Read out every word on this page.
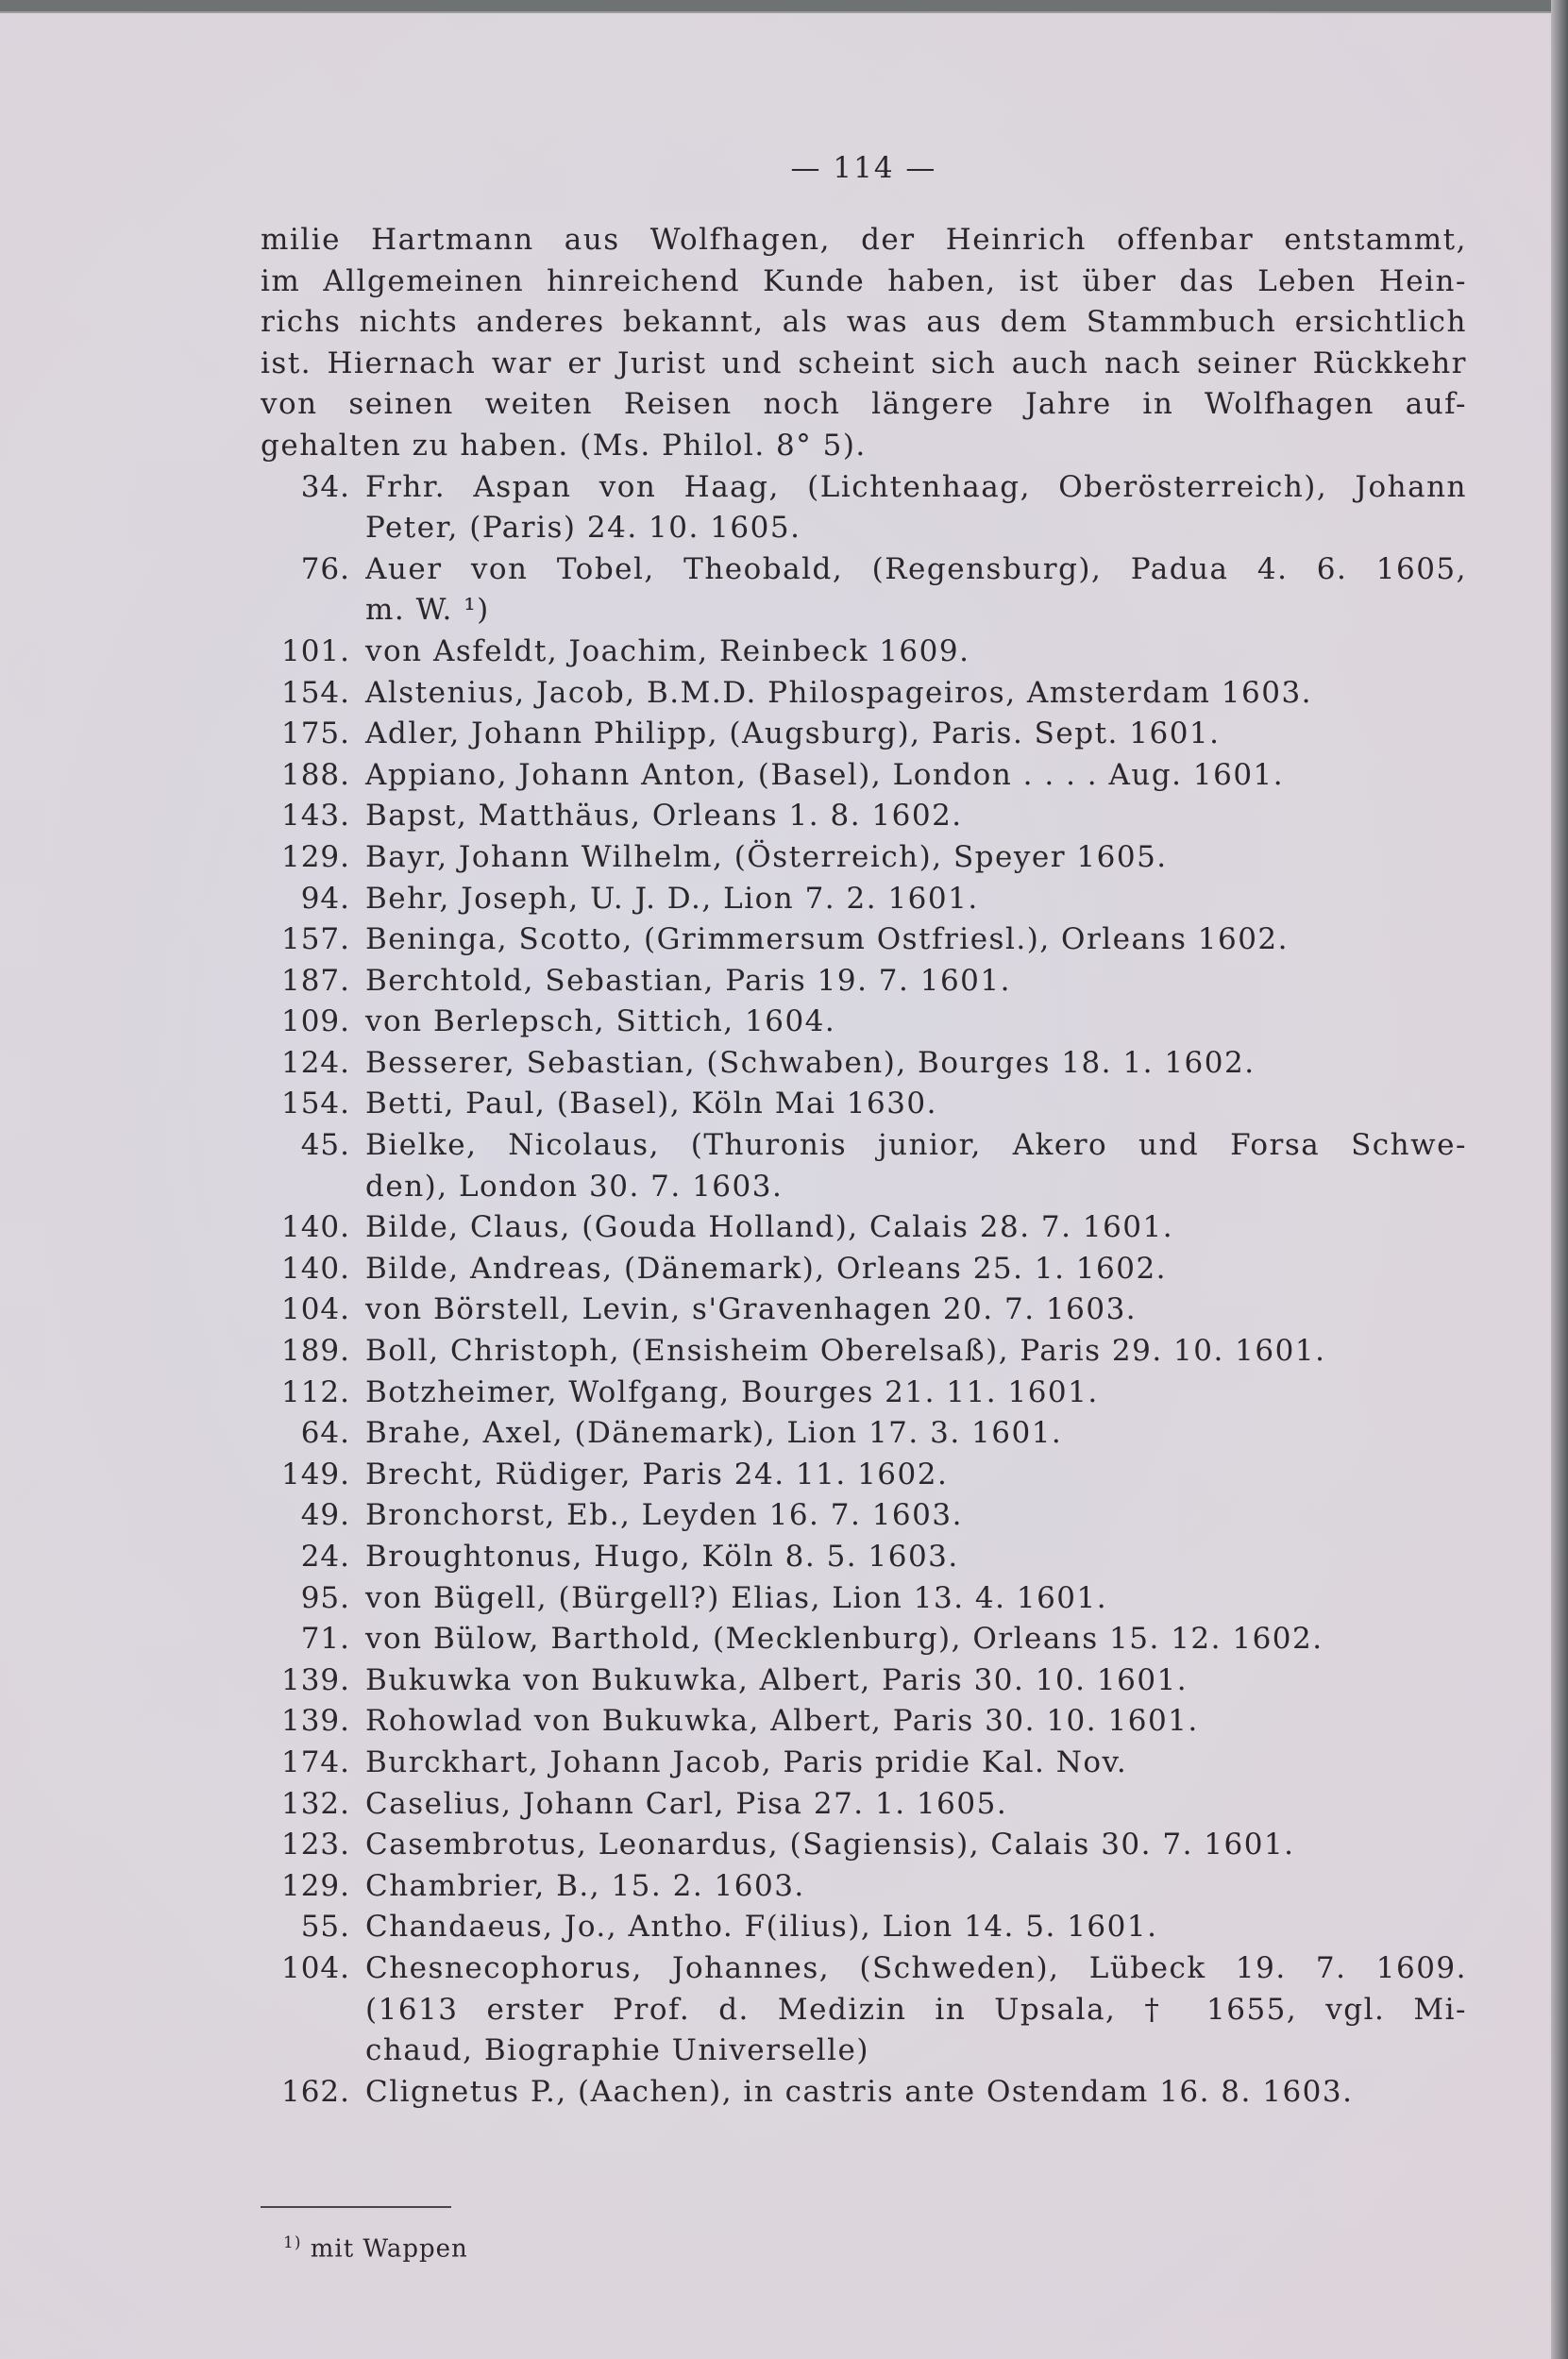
— 114 —
milie Hartmann aus Wolfhagen, der Heinrich offenbar entstammt,
im Allgemeinen hinreichend Kunde haben, ist über das Leben Hein-
richs nichts anderes bekannt, als was aus dem Stammbuch ersichtlich
ist. Hiernach war er Jurist und scheint sich auch nach seiner Rückkehr
von seinen weiten Reisen noch längere Jahre in Wolfhagen auf-
gehalten zu haben. (Ms. Philol. 8° 5).
34. Frhr. Aspan von Haag, (Lichtenhaag, Oberösterreich), Johann
Peter, (Paris) 24. 10. 1605.
76. Auer von Tobel, Theobald, (Regensburg), Padua 4. 6. 1605,
m. W. ¹)
101. von Asfeldt, Joachim, Reinbeck 1609.
154. Alstenius, Jacob, B.M.D. Philospageiros, Amsterdam 1603.
175. Adler, Johann Philipp, (Augsburg), Paris. Sept. 1601.
188. Appiano, Johann Anton, (Basel), London . . . . Aug. 1601.
143. Bapst, Matthäus, Orleans 1. 8. 1602.
129. Bayr, Johann Wilhelm, (Österreich), Speyer 1605.
94. Behr, Joseph, U. J. D., Lion 7. 2. 1601.
157. Beninga, Scotto, (Grimmersum Ostfriesl.), Orleans 1602.
187. Berchtold, Sebastian, Paris 19. 7. 1601.
109. von Berlepsch, Sittich, 1604.
124. Besserer, Sebastian, (Schwaben), Bourges 18. 1. 1602.
154. Betti, Paul, (Basel), Köln Mai 1630.
45. Bielke, Nicolaus, (Thuronis junior, Akero und Forsa Schwe-
den), London 30. 7. 1603.
140. Bilde, Claus, (Gouda Holland), Calais 28. 7. 1601.
140. Bilde, Andreas, (Dänemark), Orleans 25. 1. 1602.
104. von Börstell, Levin, s'Gravenhagen 20. 7. 1603.
189. Boll, Christoph, (Ensisheim Oberelsaß), Paris 29. 10. 1601.
112. Botzheimer, Wolfgang, Bourges 21. 11. 1601.
64. Brahe, Axel, (Dänemark), Lion 17. 3. 1601.
149. Brecht, Rüdiger, Paris 24. 11. 1602.
49. Bronchorst, Eb., Leyden 16. 7. 1603.
24. Broughtonus, Hugo, Köln 8. 5. 1603.
95. von Bügell, (Bürgell?) Elias, Lion 13. 4. 1601.
71. von Bülow, Barthold, (Mecklenburg), Orleans 15. 12. 1602.
139. Bukuwka von Bukuwka, Albert, Paris 30. 10. 1601.
139. Rohowlad von Bukuwka, Albert, Paris 30. 10. 1601.
174. Burckhart, Johann Jacob, Paris pridie Kal. Nov.
132. Caselius, Johann Carl, Pisa 27. 1. 1605.
123. Casembrotus, Leonardus, (Sagiensis), Calais 30. 7. 1601.
129. Chambrier, B., 15. 2. 1603.
55. Chandaeus, Jo., Antho. F(ilius), Lion 14. 5. 1601.
104. Chesnecophorus, Johannes, (Schweden), Lübeck 19. 7. 1609.
(1613 erster Prof. d. Medizin in Upsala, † 1655, vgl. Mi-
chaud, Biographie Universelle)
162. Clignetus P., (Aachen), in castris ante Ostendam 16. 8. 1603.
$^{1)}$ mit Wappen
